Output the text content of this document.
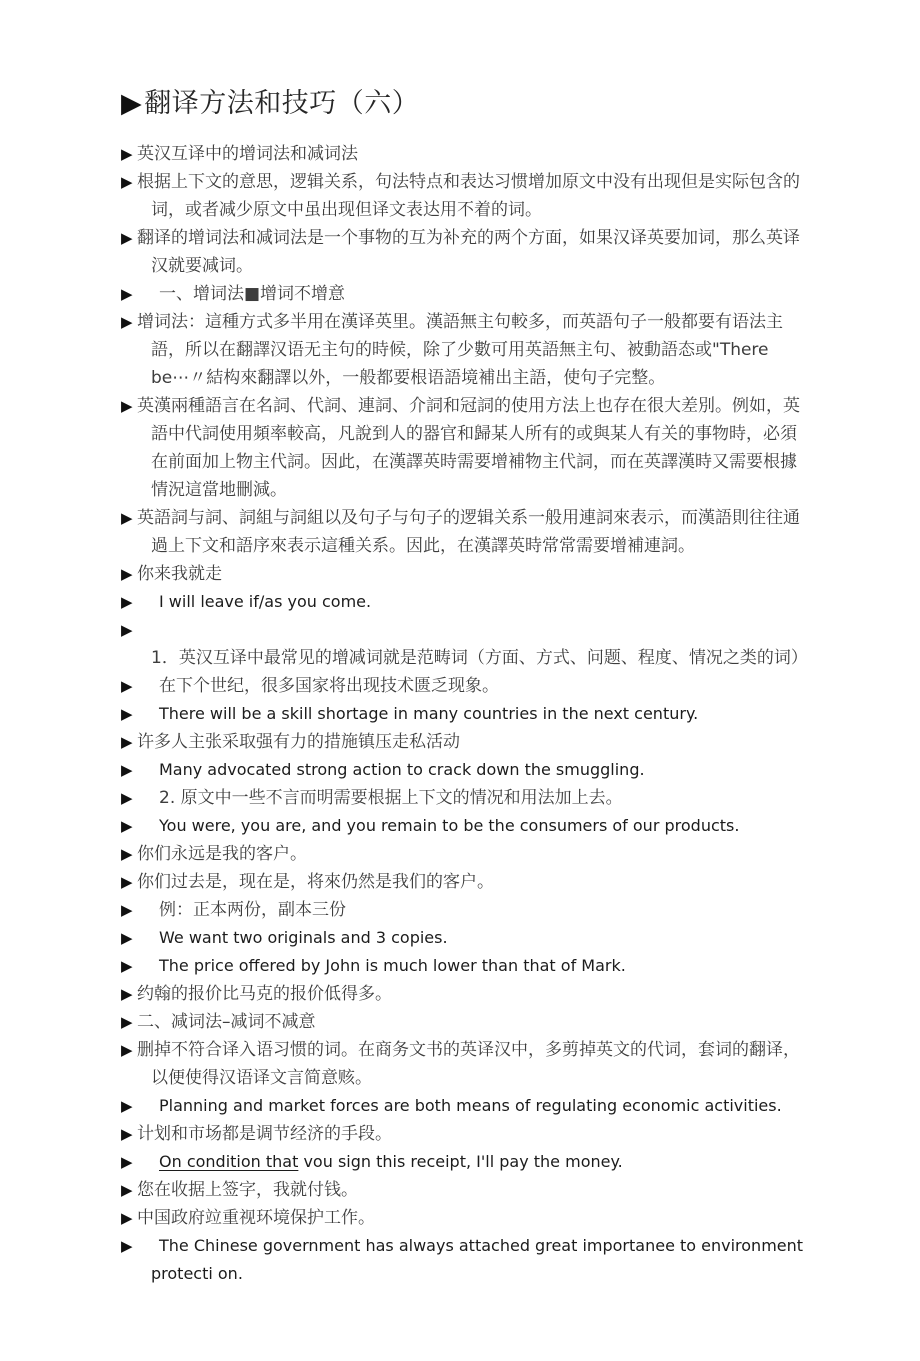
▶翻译方法和技巧（六）
▶ 英汉互译中的增词法和减词法
▶ 根据上下文的意思，逻辑关系，句法特点和表达习惯增加原文中没有出现但是实际包含的词，或者减少原文中虽出现但译文表达用不着的词。
▶ 翻译的增词法和减词法是一个事物的互为补充的两个方面，如果汉译英要加词，那么英译汉就要减词。
▶ 一、增词法■增词不增意
▶ 增词法：這種方式多半用在漢译英里。漢語無主句較多，而英語句子一般都要有语法主語，所以在翻譯汉语无主句的時候，除了少數可用英語無主句、被動語态或"There be⋯〃結构來翻譯以外，一般都要根语語境補出主語，使句子完整。
▶ 英漢兩種語言在名詞、代詞、連詞、介詞和冠詞的使用方法上也存在很大差別。例如，英語中代詞使用頻率較高，凡說到人的器官和歸某人所有的或與某人有关的事物時，必須在前面加上物主代詞。因此，在漢譯英時需要增補物主代詞，而在英譯漢時又需要根據情況這當地刪減。
▶ 英語詞与詞、詞組与詞組以及句子与句子的逻辑关系一般用連詞來表示，而漢語則往往通過上下文和語序來表示這種关系。因此，在漢譯英時常常需要增補連詞。
▶ 你来我就走
▶ I will leave if/as you come.
▶1．英汉互译中最常见的增减词就是范畴词（方面、方式、问题、程度、情况之类的词）
▶ 在下个世纪，很多国家将出现技术匮乏现象。
▶ There will be a skill shortage in many countries in the next century.
▶ 许多人主张采取强有力的措施镇压走私活动
▶ Many advocated strong action to crack down the smuggling.
▶ 2. 原文中一些不言而明需要根据上下文的情况和用法加上去。
▶ You were, you are, and you remain to be the consumers of our products.
▶ 你们永远是我的客户。
▶ 你们过去是，现在是，将來仍然是我们的客户。
▶ 例：正本两份，副本三份
▶ We want two originals and 3 copies.
▶ The price offered by John is much lower than that of Mark.
▶ 约翰的报价比马克的报价低得多。
▶ 二、减词法–减词不减意
▶ 删掉不符合译入语习惯的词。在商务文书的英译汉中，多剪掉英文的代词，套词的翻译，以便使得汉语译文言简意赅。
▶ Planning and market forces are both means of regulating economic activities.
▶ 计划和市场都是调节经济的手段。
▶ On condition that vou sign this receipt, I'll pay the money.
▶ 您在收据上签字，我就付钱。
▶ 中国政府竝重视环境保护工作。
▶ The Chinese government has always attached great importanee to environment protecti on.
